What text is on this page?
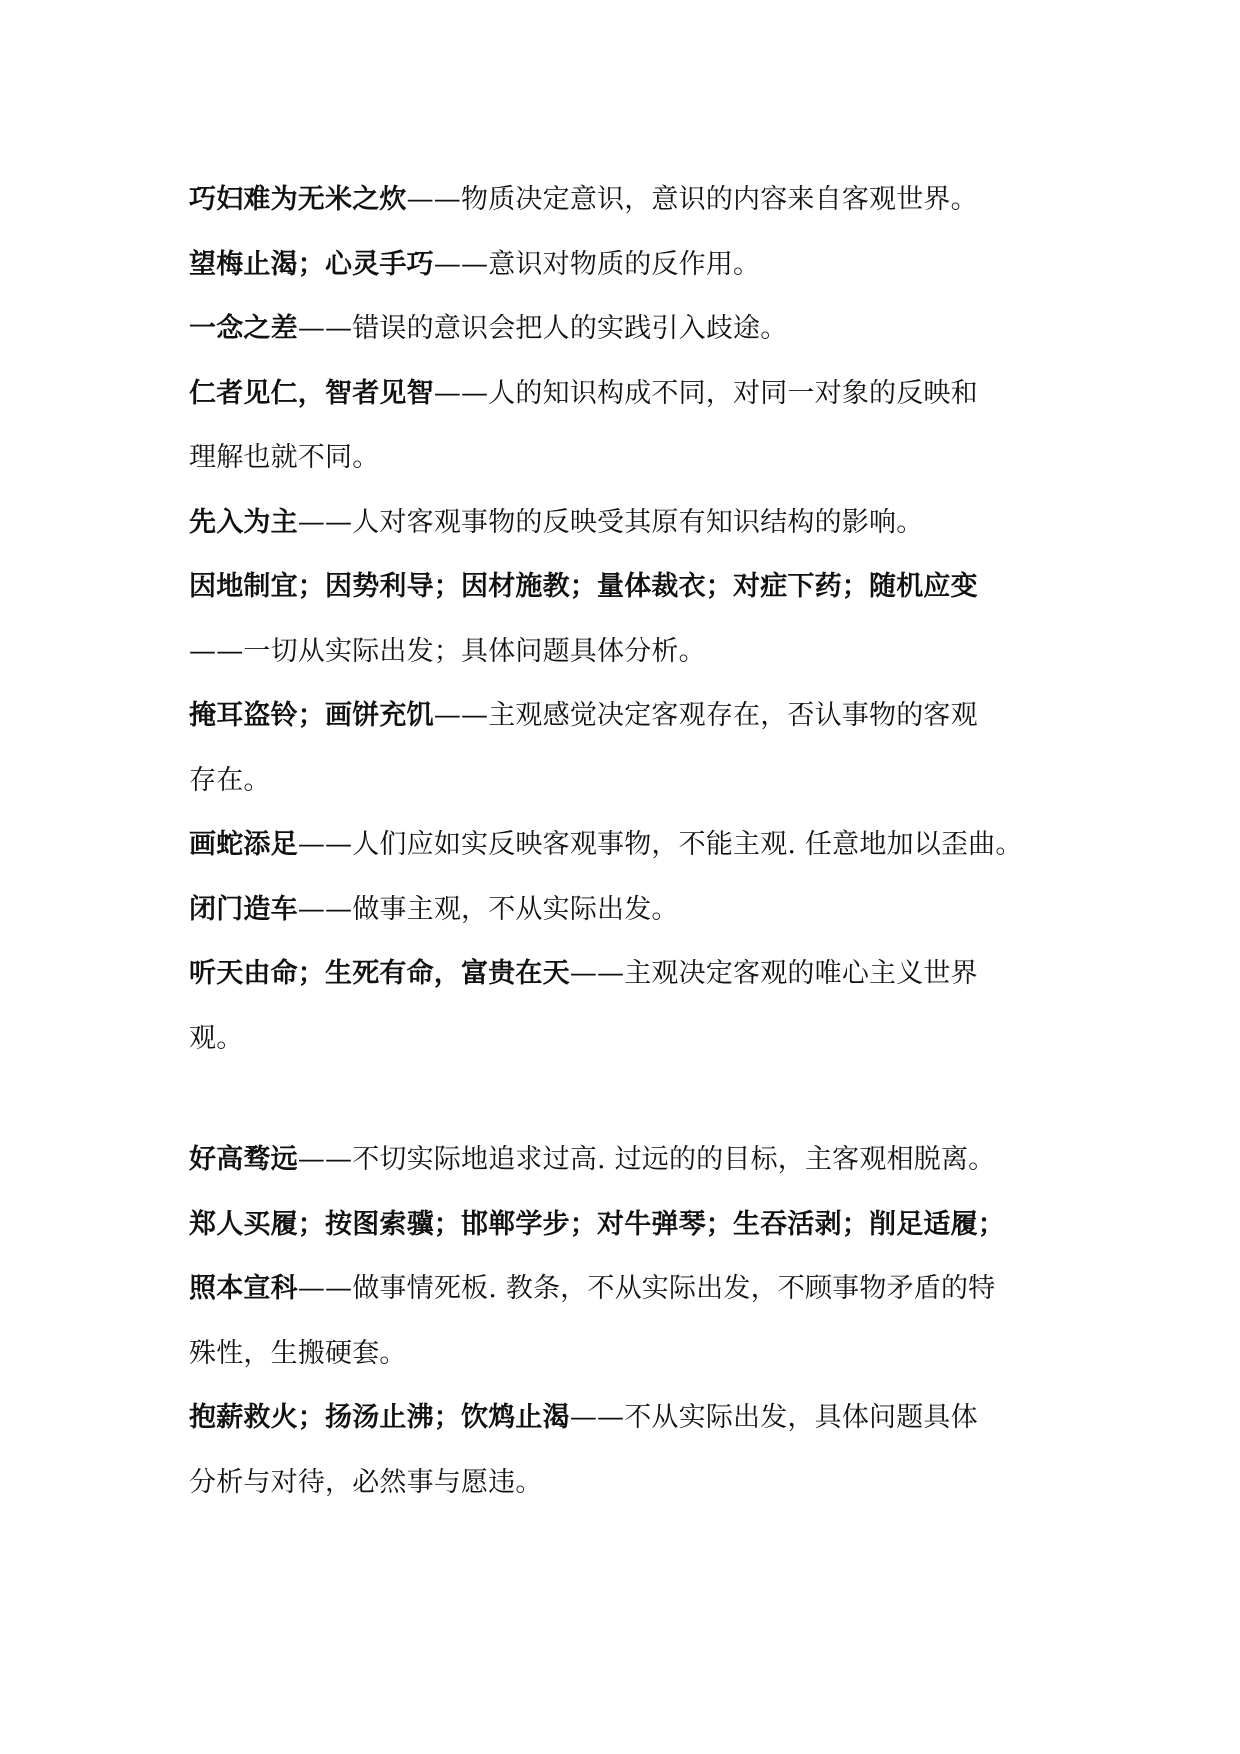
巧妇难为无米之炊——物质决定意识，意识的内容来自客观世界。
望梅止渴；心灵手巧——意识对物质的反作用。
一念之差——错误的意识会把人的实践引入歧途。
仁者见仁，智者见智——人的知识构成不同，对同一对象的反映和
理解也就不同。
先入为主——人对客观事物的反映受其原有知识结构的影响。
因地制宜；因势利导；因材施教；量体裁衣；对症下药；随机应变
——一切从实际出发；具体问题具体分析。
掩耳盗铃；画饼充饥——主观感觉决定客观存在，否认事物的客观
存在。
画蛇添足——人们应如实反映客观事物，不能主观. 任意地加以歪曲。
闭门造车——做事主观，不从实际出发。
听天由命；生死有命，富贵在天——主观决定客观的唯心主义世界
观。
好高骛远——不切实际地追求过高. 过远的的目标，主客观相脱离。
郑人买履；按图索骥；邯郸学步；对牛弹琴；生吞活剥；削足适履；
照本宣科——做事情死板. 教条，不从实际出发，不顾事物矛盾的特
殊性，生搬硬套。
抱薪救火；扬汤止沸；饮鸩止渴——不从实际出发，具体问题具体
分析与对待，必然事与愿违。
